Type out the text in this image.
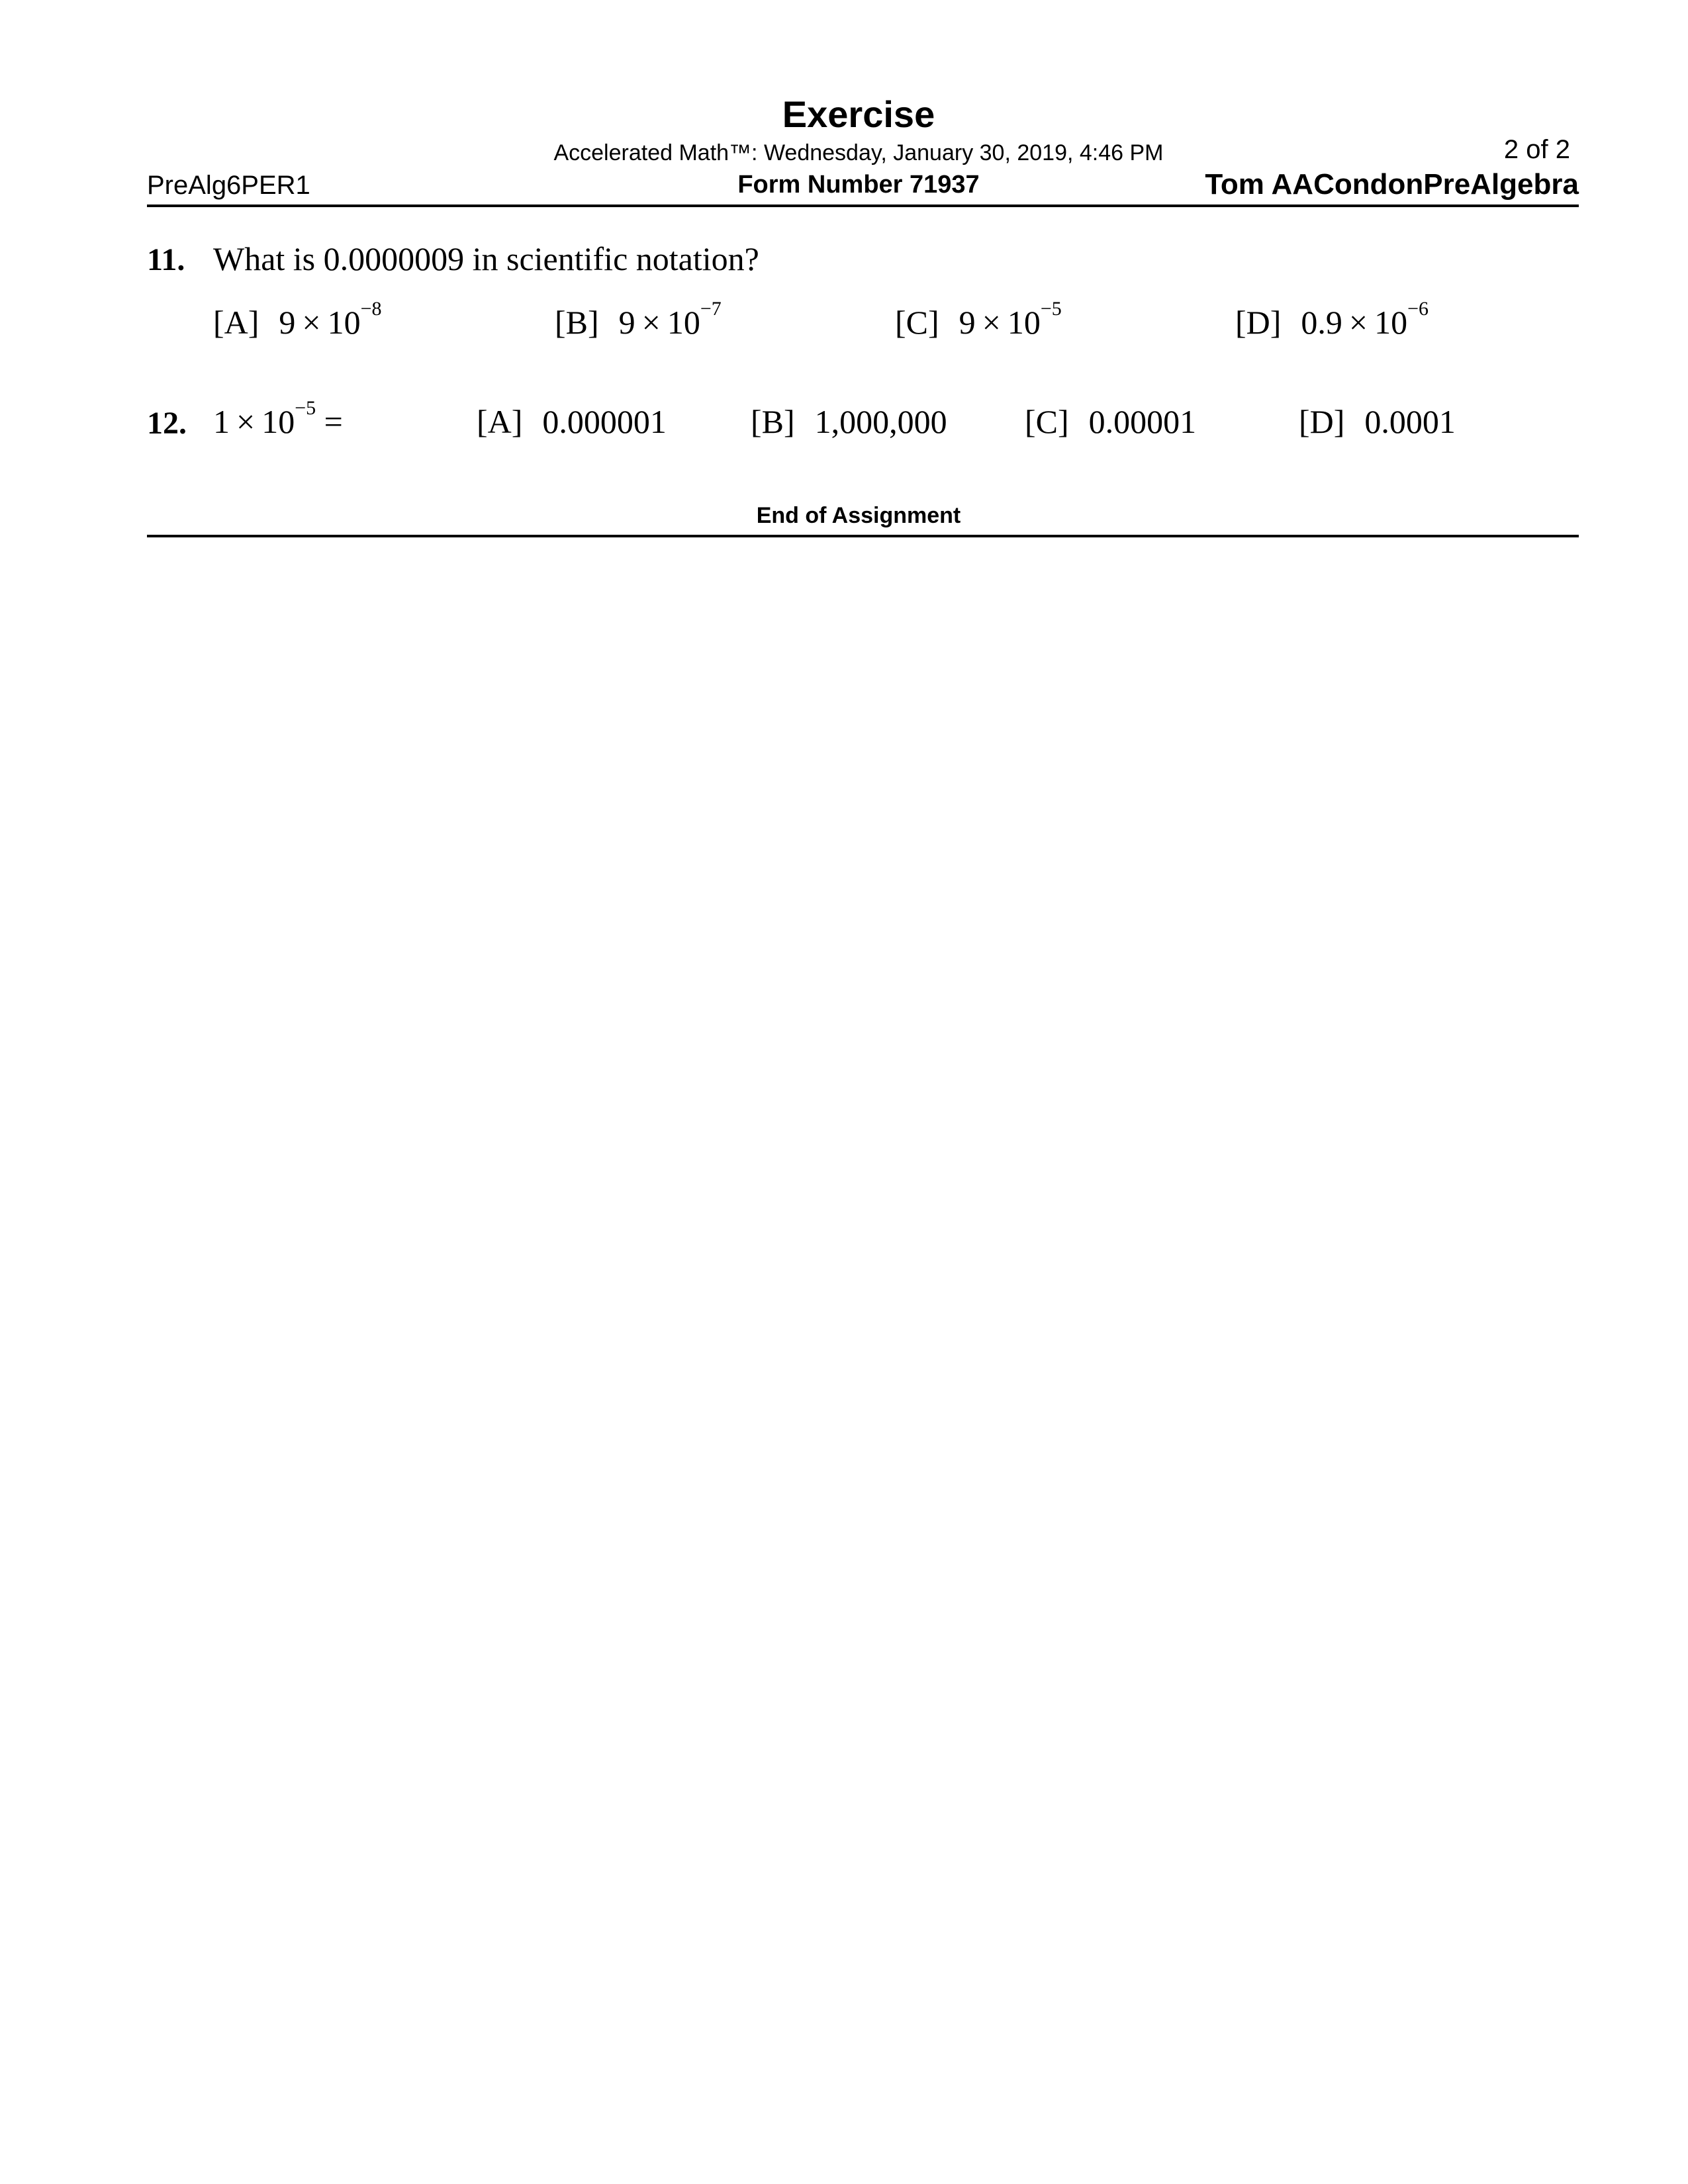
Exercise
Accelerated Math™: Wednesday, January 30, 2019, 4:46 PM	2 of 2
PreAlg6PER1	Form Number 71937	Tom AACondonPreAlgebra
11. What is 0.0000009 in scientific notation?
[A] $9 \times 10^{-8}$	[B] $9 \times 10^{-7}$	[C] $9 \times 10^{-5}$	[D] $0.9 \times 10^{-6}$
12. $1 \times 10^{-5}$ =	[A] 0.000001	[B] 1,000,000 [C] 0.00001	[D] 0.0001
End of Assignment
